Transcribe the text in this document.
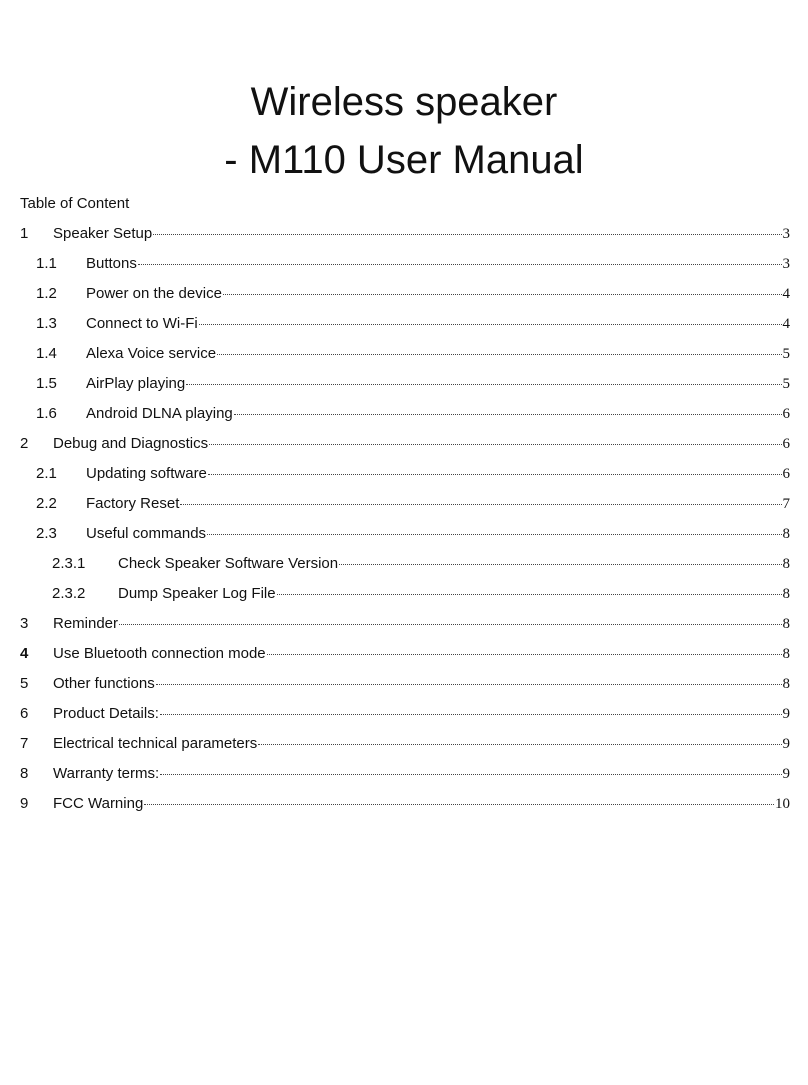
Wireless speaker
- M110 User Manual
Table of Content
1	Speaker Setup	3
1.1	Buttons	3
1.2	Power on the device	4
1.3	Connect to Wi-Fi	4
1.4	Alexa Voice service	5
1.5	AirPlay playing	5
1.6	Android DLNA playing	6
2	Debug and Diagnostics	6
2.1	Updating software	6
2.2	Factory Reset	7
2.3	Useful commands	8
2.3.1	Check Speaker Software Version	8
2.3.2	Dump Speaker Log File	8
3	Reminder	8
4	Use Bluetooth connection mode	8
5	Other functions	8
6	Product Details:	9
7	Electrical technical parameters	9
8	Warranty terms:	9
9	FCC Warning	10
